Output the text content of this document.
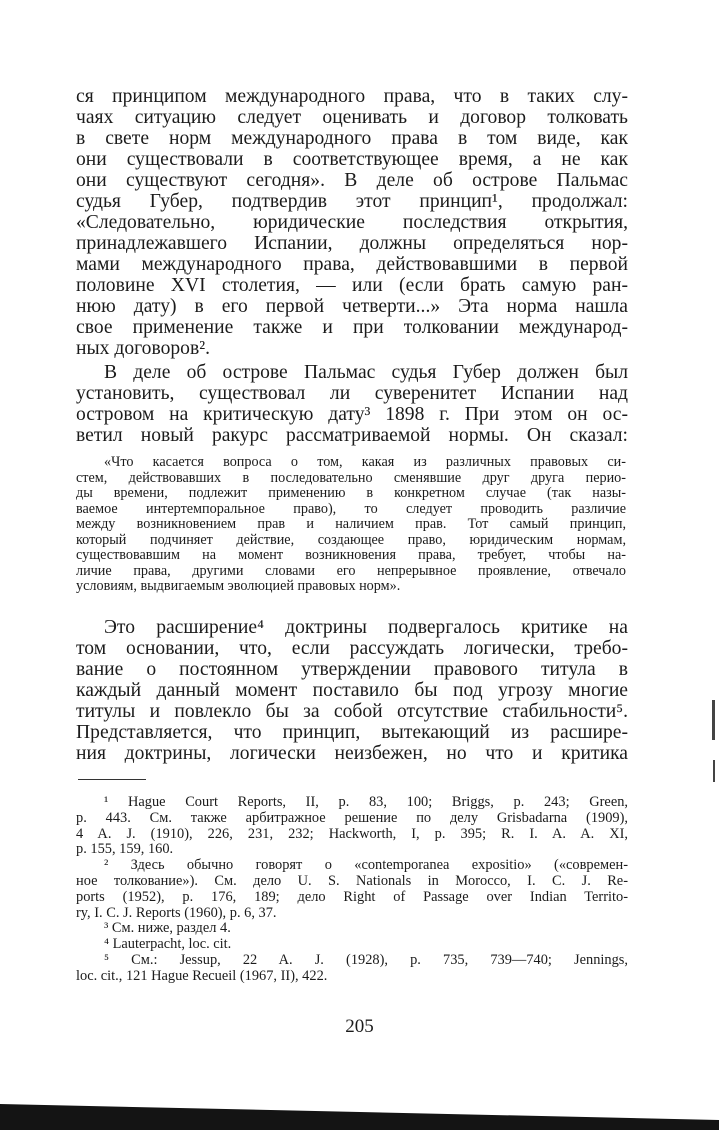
ся принципом международного права, что в таких слу-
чаях ситуацию следует оценивать и договор толковать
в свете норм международного права в том виде, как
они существовали в соответствующее время, а не как
они существуют сегодня». В деле об острове Пальмас
судья Губер, подтвердив этот принцип¹, продолжал:
«Следовательно, юридические последствия открытия,
принадлежавшего Испании, должны определяться нор-
мами международного права, действовавшими в первой
половине XVI столетия, — или (если брать самую ран-
нюю дату) в его первой четверти...» Эта норма нашла
свое применение также и при толковании международ-
ных договоров².
В деле об острове Пальмас судья Губер должен был
установить, существовал ли суверенитет Испании над
островом на критическую дату³ 1898 г. При этом он ос-
ветил новый ракурс рассматриваемой нормы. Он сказал:
«Что касается вопроса о том, какая из различных правовых си-
стем, действовавших в последовательно сменявшие друг друга перио-
ды времени, подлежит применению в конкретном случае (так назы-
ваемое интертемпоральное право), то следует проводить различие
между возникновением прав и наличием прав. Тот самый принцип,
который подчиняет действие, создающее право, юридическим нормам,
существовавшим на момент возникновения права, требует, чтобы на-
личие права, другими словами его непрерывное проявление, отвечало
условиям, выдвигаемым эволюцией правовых норм».
Это расширение⁴ доктрины подвергалось критике на
том основании, что, если рассуждать логически, требо-
вание о постоянном утверждении правового титула в
каждый данный момент поставило бы под угрозу многие
титулы и повлекло бы за собой отсутствие стабильности⁵.
Представляется, что принцип, вытекающий из расшире-
ния доктрины, логически неизбежен, но что и критика
¹ Hague Court Reports, II, p. 83, 100; Briggs, p. 243; Green,
p. 443. См. также арбитражное решение по делу Grisbadarna (1909),
4 A. J. (1910), 226, 231, 232; Hackworth, I, p. 395; R. I. A. A. XI,
p. 155, 159, 160.
² Здесь обычно говорят о «contemporanea expositio» («современ-
ное толкование»). См. дело U. S. Nationals in Morocco, I. C. J. Re-
ports (1952), p. 176, 189; дело Right of Passage over Indian Territo-
ry, I. C. J. Reports (1960), p. 6, 37.
³ См. ниже, раздел 4.
⁴ Lauterpacht, loc. cit.
⁵ См.: Jessup, 22 A. J. (1928), p. 735, 739—740; Jennings,
loc. cit., 121 Hague Recueil (1967, II), 422.
205
